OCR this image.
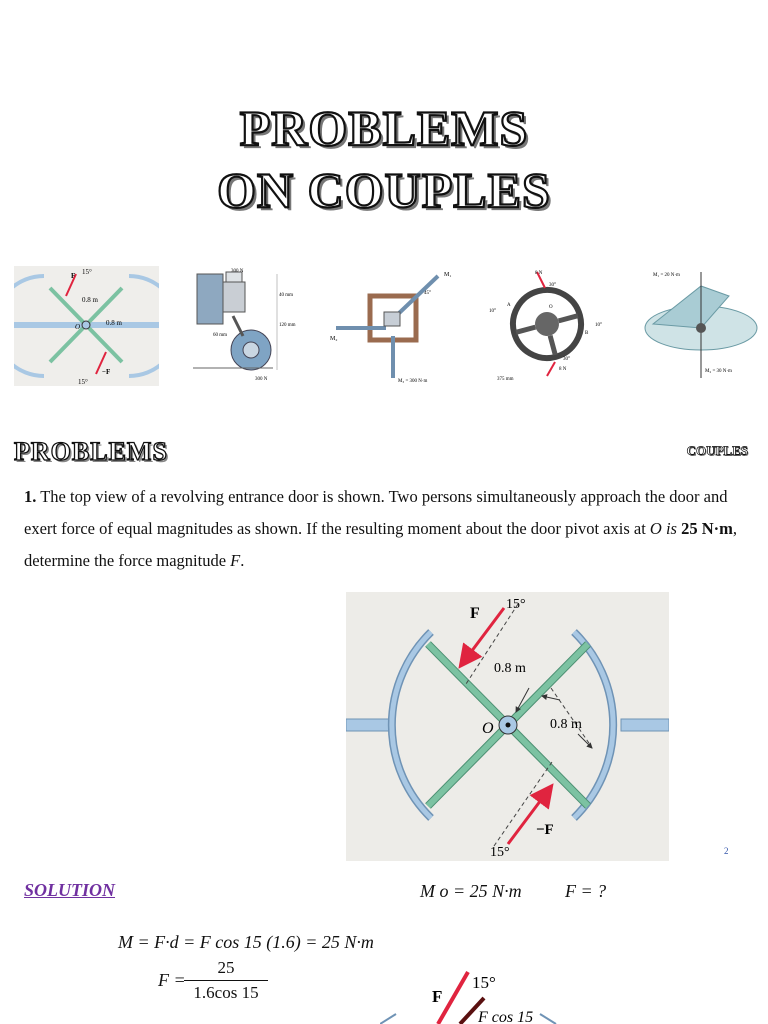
PROBLEMS
ON COUPLES
F 15°
0.8 m
O	0.8 m
−F
15°
300 N
40 mm
120 mm
60 mm
300 N
M₁
M₂
M₃ = 300 N·m
45°
8 N
30°
A	O
B
10°
10°
8 N
30°
375 mm
M₁ = 20 N·m
M₂ = 30 N·m
PROBLEMS	COUPLES
1. The top view of a revolving entrance door is shown. Two persons simultaneously approach the door and exert force of equal magnitudes as shown. If the resulting moment about the door pivot axis at O is 25 N·m, determine the force magnitude F.
F
15°
0.8 m
O	0.8 m
−F
15°	2
SOLUTION	M o = 25 N·m F = ?
M = F·d = F cos 15 (1.6) = 25 N·m
F =
$\frac{25}{1.6\cos 15}$	F
15°
F cos 15
